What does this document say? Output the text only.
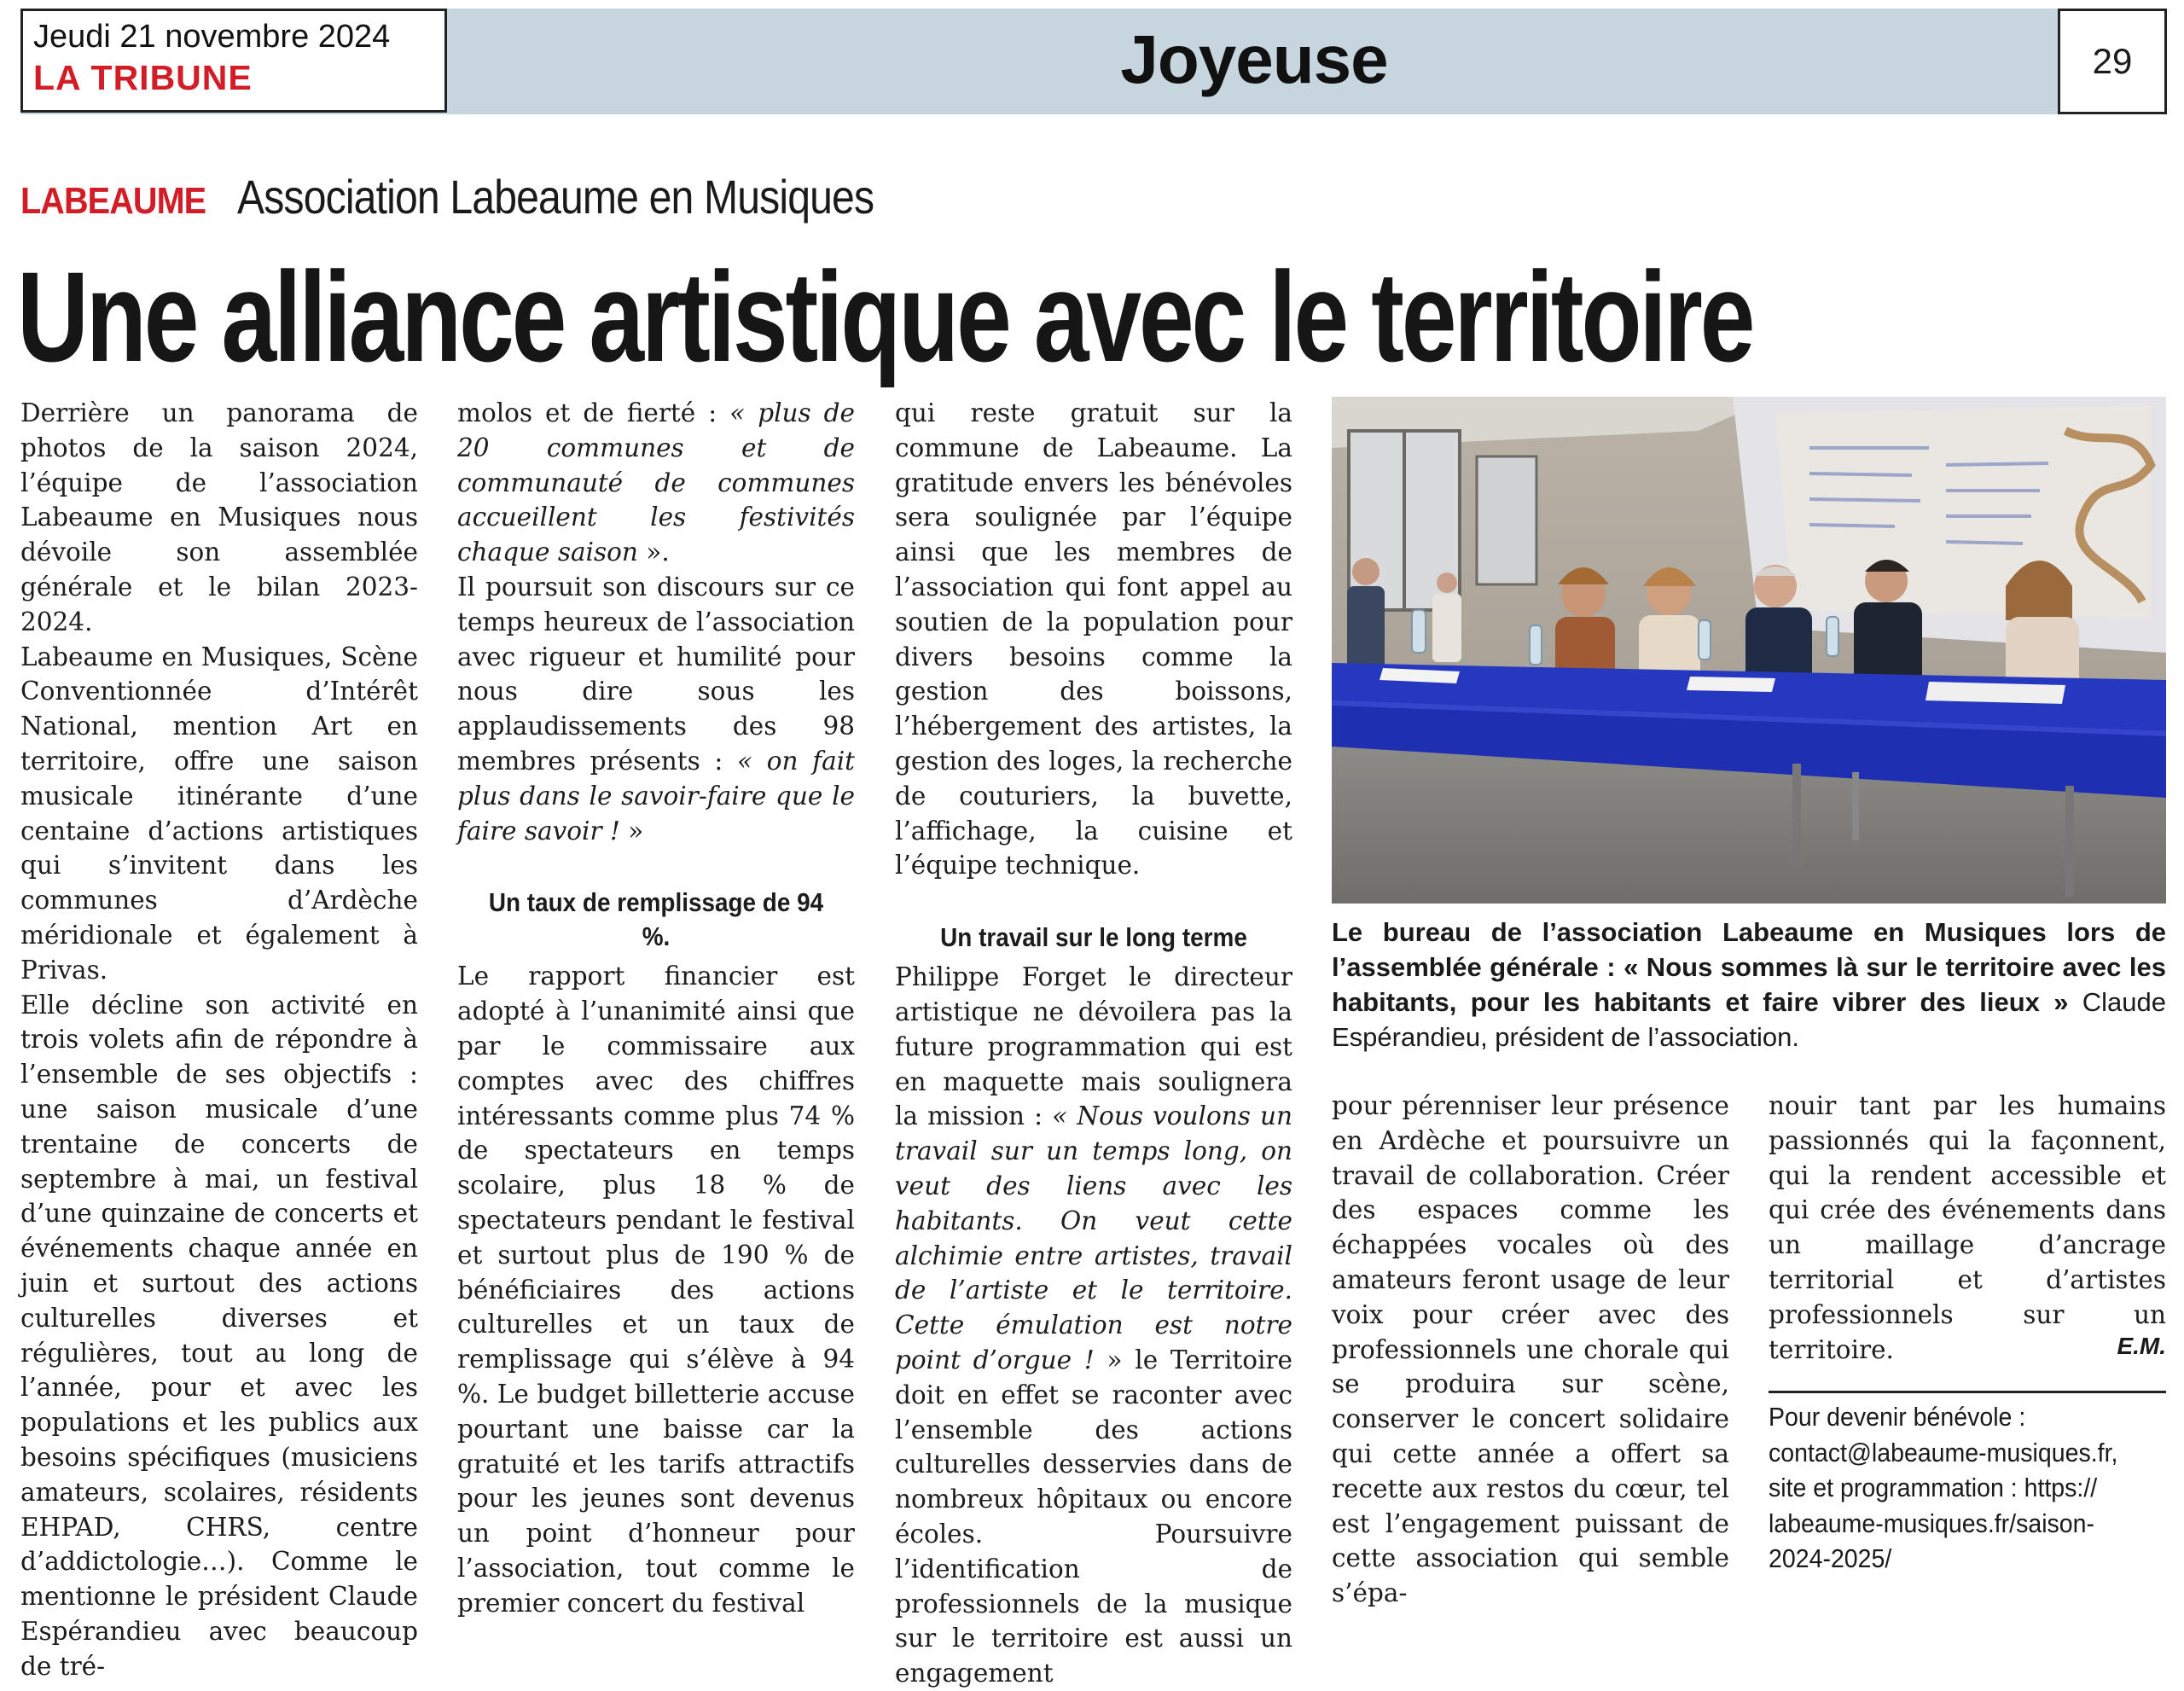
Jeudi 21 novembre 2024
LA TRIBUNE	Joyeuse	29
LABEAUME Association Labeaume en Musiques
Une alliance artistique avec le territoire

Derrière un panorama de photos de la saison 2024, l’équipe de l’association Labeaume en Musiques nous dévoile son assemblée générale et le bilan 2023-2024.

Labeaume en Musiques, Scène Conventionnée d’Intérêt National, mention Art en territoire, offre une saison musicale itinérante d’une centaine d’actions artistiques qui s’invitent dans les communes d’Ardèche méridionale et également à Privas.

Elle décline son activité en trois volets afin de répondre à l’ensemble de ses objectifs : une saison musicale d’une trentaine de concerts de septembre à mai, un festival d’une quinzaine de concerts et événements chaque année en juin et surtout des actions culturelles diverses et régulières, tout au long de l’année, pour et avec les populations et les publics aux besoins spécifiques (musiciens amateurs, scolaires, résidents EHPAD, CHRS, centre d’addictologie…). Comme le mentionne le président Claude Espérandieu avec beaucoup de tré-

molos et de fierté : « plus de 20 communes et de communauté de communes accueillent les festivités chaque saison ».

Il poursuit son discours sur ce temps heureux de l’association avec rigueur et humilité pour nous dire sous les applaudissements des 98 membres présents : « on fait plus dans le savoir-faire que le faire savoir ! »

Un taux de remplissage de 94 %.

Le rapport financier est adopté à l’unanimité ainsi que par le commissaire aux comptes avec des chiffres intéressants comme plus 74 % de spectateurs en temps scolaire, plus 18 % de spectateurs pendant le festival et surtout plus de 190 % de bénéficiaires des actions culturelles et un taux de remplissage qui s’élève à 94 %. Le budget billetterie accuse pourtant une baisse car la gratuité et les tarifs attractifs pour les jeunes sont devenus un point d’honneur pour l’association, tout comme le premier concert du festival

qui reste gratuit sur la commune de Labeaume. La gratitude envers les bénévoles sera soulignée par l’équipe ainsi que les membres de l’association qui font appel au soutien de la population pour divers besoins comme la gestion des boissons, l’hébergement des artistes, la gestion des loges, la recherche de couturiers, la buvette, l’affichage, la cuisine et l’équipe technique.

Un travail sur le long terme

Philippe Forget le directeur artistique ne dévoilera pas la future programmation qui est en maquette mais soulignera la mission : « Nous voulons un travail sur un temps long, on veut des liens avec les habitants. On veut cette alchimie entre artistes, travail de l’artiste et le territoire. Cette émulation est notre point d’orgue ! » le Territoire doit en effet se raconter avec l’ensemble des actions culturelles desservies dans de nombreux hôpitaux ou encore écoles. Poursuivre l’identification de professionnels de la musique sur le territoire est aussi un engagement

Le bureau de l’association Labeaume en Musiques lors de l’assemblée générale : « Nous sommes là sur le territoire avec les habitants, pour les habitants et faire vibrer des lieux » Claude Espérandieu, président de l’association.

pour pérenniser leur présence en Ardèche et poursuivre un travail de collaboration. Créer des espaces comme les échappées vocales où des amateurs feront usage de leur voix pour créer avec des professionnels une chorale qui se produira sur scène, conserver le concert solidaire qui cette année a offert sa recette aux restos du cœur, tel est l’engagement puissant de cette association qui semble s’épa-

nouir tant par les humains passionnés qui la façonnent, qui la rendent accessible et qui crée des événements dans un maillage d’ancrage territorial et d’artistes professionnels sur un territoire.	E.M.
Pour devenir bénévole :
contact@labeaume-musiques.fr,
site et programmation : https://
labeaume-musiques.fr/saison-
2024-2025/
